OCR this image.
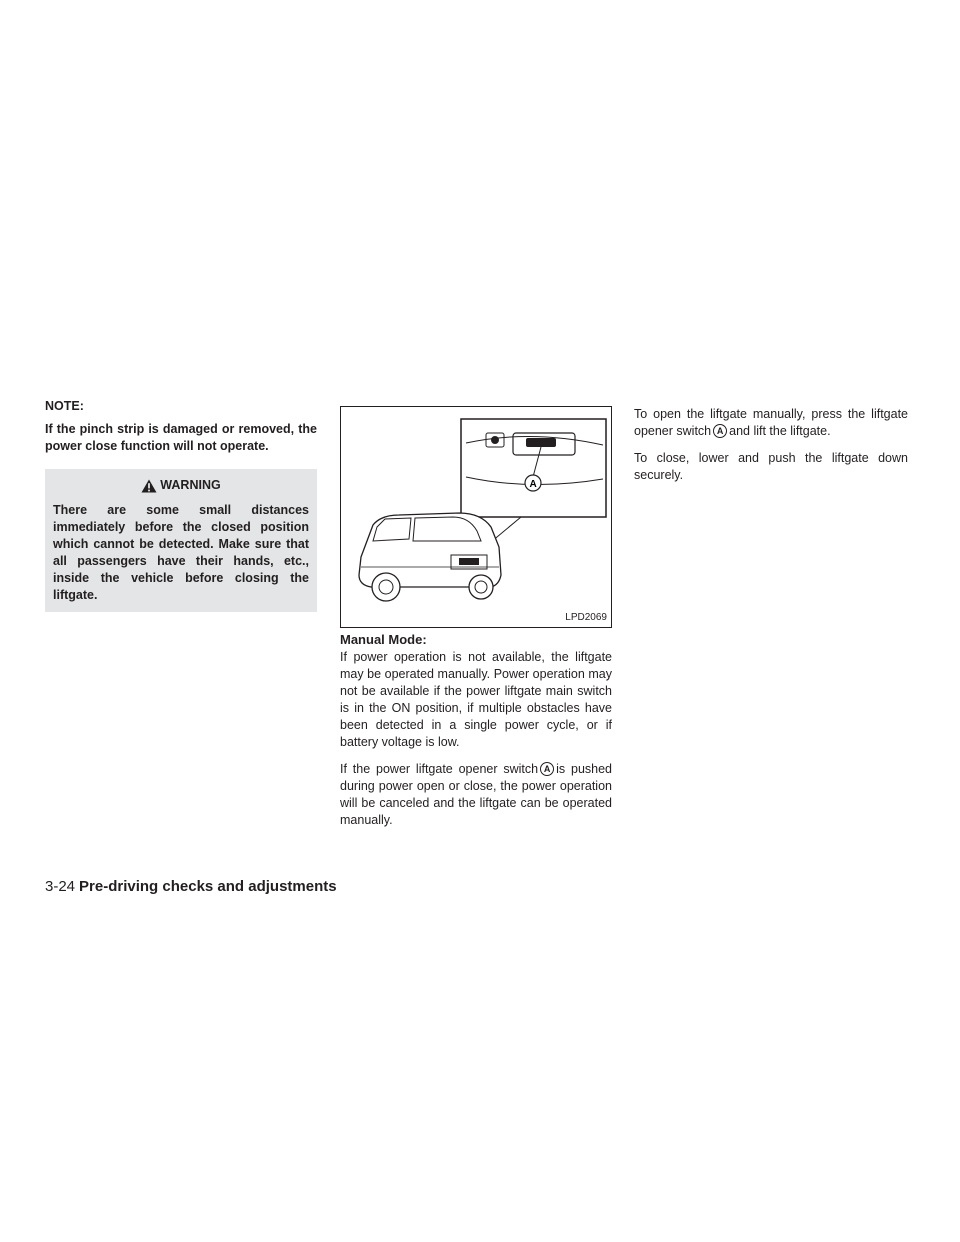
NOTE:

If the pinch strip is damaged or removed, the power close function will not operate.

WARNING
There are some small distances immediately before the closed position which cannot be detected. Make sure that all passengers have their hands, etc., inside the vehicle before closing the liftgate.
A
LPD2069
Manual Mode:

If power operation is not available, the liftgate may be operated manually. Power operation may not be available if the power liftgate main switch is in the ON position, if multiple obstacles have been detected in a single power cycle, or if battery voltage is low.

If the power liftgate opener switch A is pushed during power open or close, the power operation will be canceled and the liftgate can be operated manually.

To open the liftgate manually, press the liftgate opener switch A and lift the liftgate.

To close, lower and push the liftgate down securely.

3-24 Pre-driving checks and adjustments
